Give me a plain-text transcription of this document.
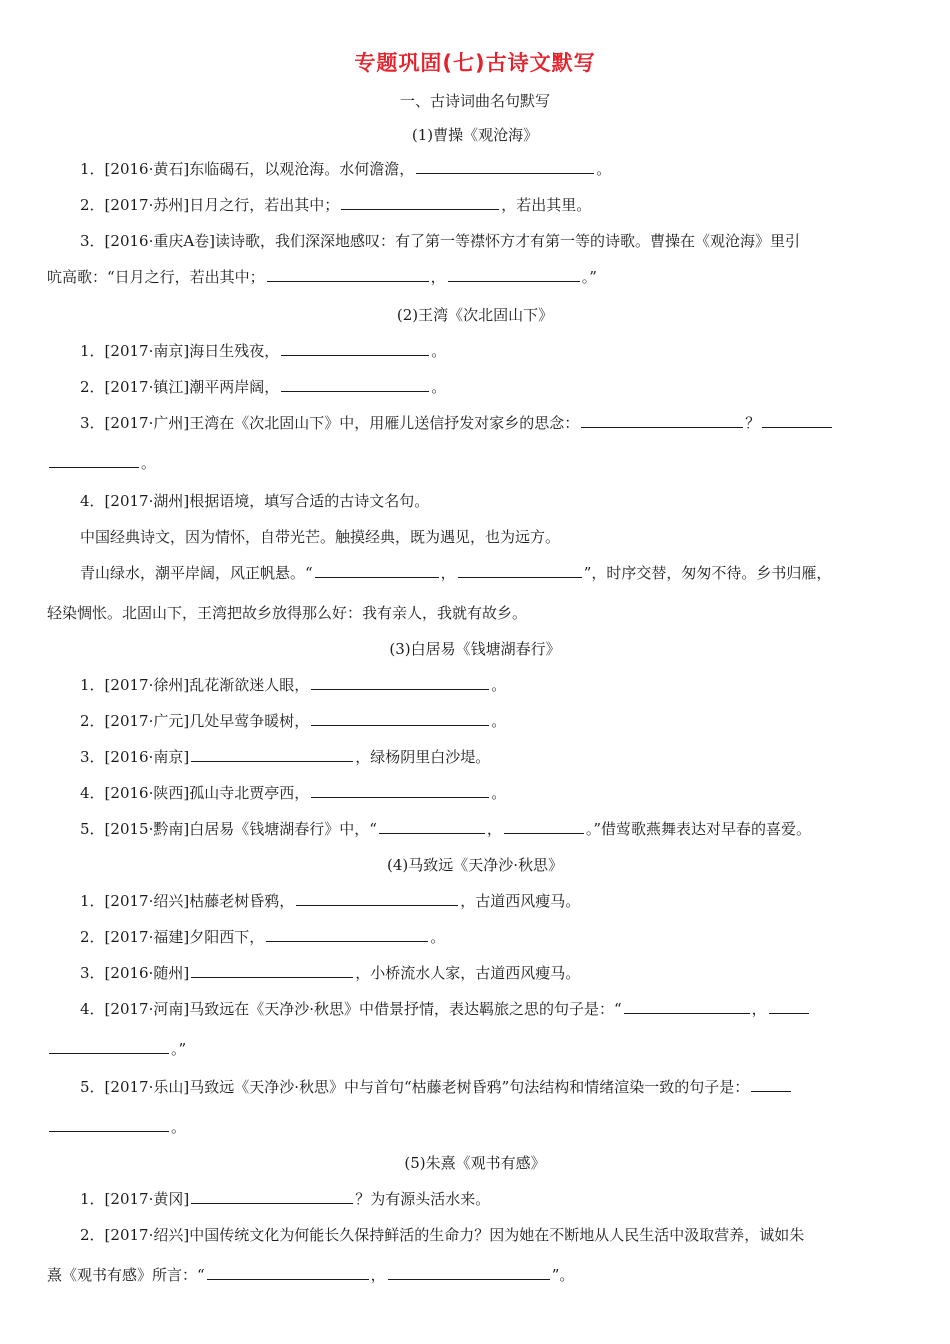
专题巩固(七)古诗文默写
一、古诗词曲名句默写
(1)曹操《观沧海》
1．[2016·黄石]东临碣石，以观沧海。水何澹澹，	。
2．[2017·苏州]日月之行，若出其中；	，若出其里。
3．[2016·重庆A卷]读诗歌，我们深深地感叹：有了第一等襟怀方才有第一等的诗歌。曹操在《观沧海》里引
吭高歌：“日月之行，若出其中；	，	。”
(2)王湾《次北固山下》
1．[2017·南京]海日生残夜，	。
2．[2017·镇江]潮平两岸阔，	。
3．[2017·广州]王湾在《次北固山下》中，用雁儿送信抒发对家乡的思念：	？
。
4．[2017·湖州]根据语境，填写合适的古诗文名句。
中国经典诗文，因为情怀，自带光芒。触摸经典，既为遇见，也为远方。
青山绿水，潮平岸阔，风正帆悬。“	，	”，时序交替，匆匆不待。乡书归雁，
轻染惆怅。北固山下，王湾把故乡放得那么好：我有亲人，我就有故乡。
(3)白居易《钱塘湖春行》
1．[2017·徐州]乱花渐欲迷人眼，	。
2．[2017·广元]几处早莺争暖树，	。
3．[2016·南京]	，绿杨阴里白沙堤。
4．[2016·陕西]孤山寺北贾亭西，	。
5．[2015·黔南]白居易《钱塘湖春行》中，“	，	。”借莺歌燕舞表达对早春的喜爱。
(4)马致远《天净沙·秋思》
1．[2017·绍兴]枯藤老树昏鸦，	，古道西风瘦马。
2．[2017·福建]夕阳西下，	。
3．[2016·随州]	，小桥流水人家，古道西风瘦马。
4．[2017·河南]马致远在《天净沙·秋思》中借景抒情，表达羁旅之思的句子是：“	，
。”
5．[2017·乐山]马致远《天净沙·秋思》中与首句“枯藤老树昏鸦”句法结构和情绪渲染一致的句子是：
。
(5)朱熹《观书有感》
1．[2017·黄冈]	？为有源头活水来。
2．[2017·绍兴]中国传统文化为何能长久保持鲜活的生命力？因为她在不断地从人民生活中汲取营养，诚如朱
熹《观书有感》所言：“	，	”。
